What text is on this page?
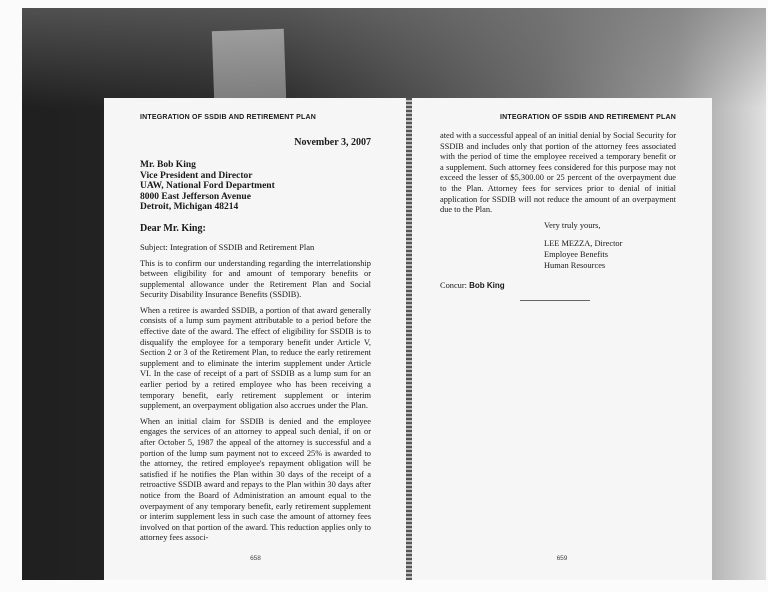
INTEGRATION OF SSDIB AND RETIREMENT PLAN
November 3, 2007
Mr. Bob King
Vice President and Director
UAW, National Ford Department
8000 East Jefferson Avenue
Detroit, Michigan 48214
Dear Mr. King:
Subject: Integration of SSDIB and Retirement Plan

This is to confirm our understanding regarding the interrelationship between eligibility for and amount of temporary benefits or supplemental allowance under the Retirement Plan and Social Security Disability Insurance Benefits (SSDIB).

When a retiree is awarded SSDIB, a portion of that award generally consists of a lump sum payment attributable to a period before the effective date of the award. The effect of eligibility for SSDIB is to disqualify the employee for a temporary benefit under Article V, Section 2 or 3 of the Retirement Plan, to reduce the early retirement supplement and to eliminate the interim supplement under Article VI. In the case of receipt of a part of SSDIB as a lump sum for an earlier period by a retired employee who has been receiving a temporary benefit, early retirement supplement or interim supplement, an overpayment obligation also accrues under the Plan.

When an initial claim for SSDIB is denied and the employee engages the services of an attorney to appeal such denial, if on or after October 5, 1987 the appeal of the attorney is successful and a portion of the lump sum payment not to exceed 25% is awarded to the attorney, the retired employee's repayment obligation will be satisfied if he notifies the Plan within 30 days of the receipt of a retroactive SSDIB award and repays to the Plan within 30 days after notice from the Board of Administration an amount equal to the overpayment of any temporary benefit, early retirement supplement or interim supplement less in such case the amount of attorney fees involved on that portion of the award. This reduction applies only to attorney fees associ-

658
INTEGRATION OF SSDIB AND RETIREMENT PLAN

ated with a successful appeal of an initial denial by Social Security for SSDIB and includes only that portion of the attorney fees associated with the period of time the employee received a temporary benefit or a supplement. Such attorney fees considered for this purpose may not exceed the lesser of $5,300.00 or 25 percent of the overpayment due to the Plan. Attorney fees for services prior to denial of initial application for SSDIB will not reduce the amount of an overpayment due to the Plan.

Very truly yours,
LEE MEZZA, Director
Employee Benefits
Human Resources
Concur: Bob King
659
